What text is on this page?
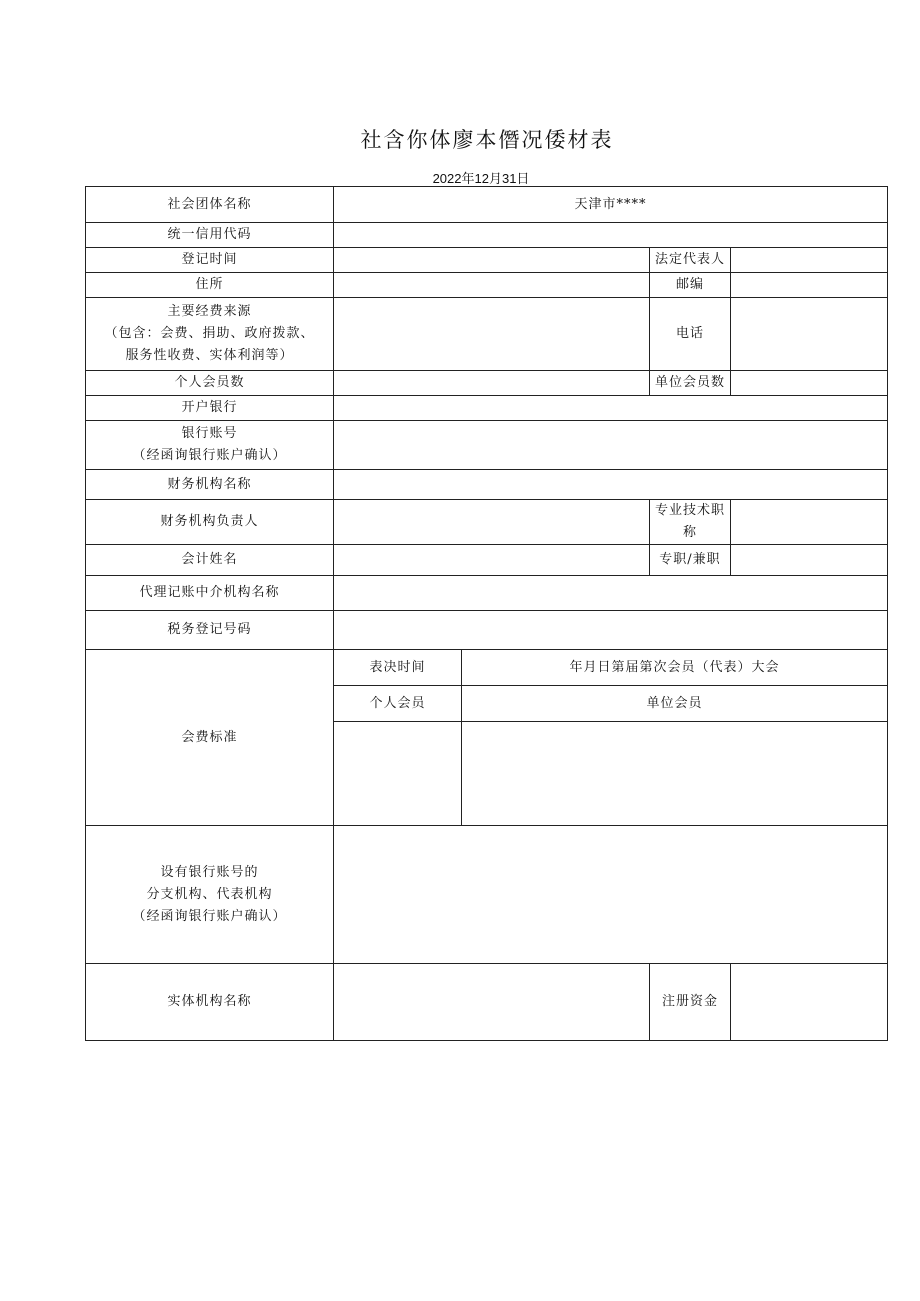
社含你体廖本僭况倭材表
2022年12月31日
社会团体名称	天津市****			
统一信用代码				
登记时间			法定代表人	
住所			邮编	
主要经费来源
（包含：会费、捐助、政府拨款、
服务性收费、实体利润等）			电话	
个人会员数			单位会员数	
开户银行				
银行账号
（经函询银行账户确认）				
财务机构名称				
财务机构负责人			专业技术职称	
会计姓名			专职/兼职	
代理记账中介机构名称				
税务登记号码				
会费标准	表决时间	年月日第届第次会员（代表）大会		
	个人会员	单位会员		

设有银行账号的
分支机构、代表机构
（经函询银行账户确认）				
实体机构名称			注册资金	
